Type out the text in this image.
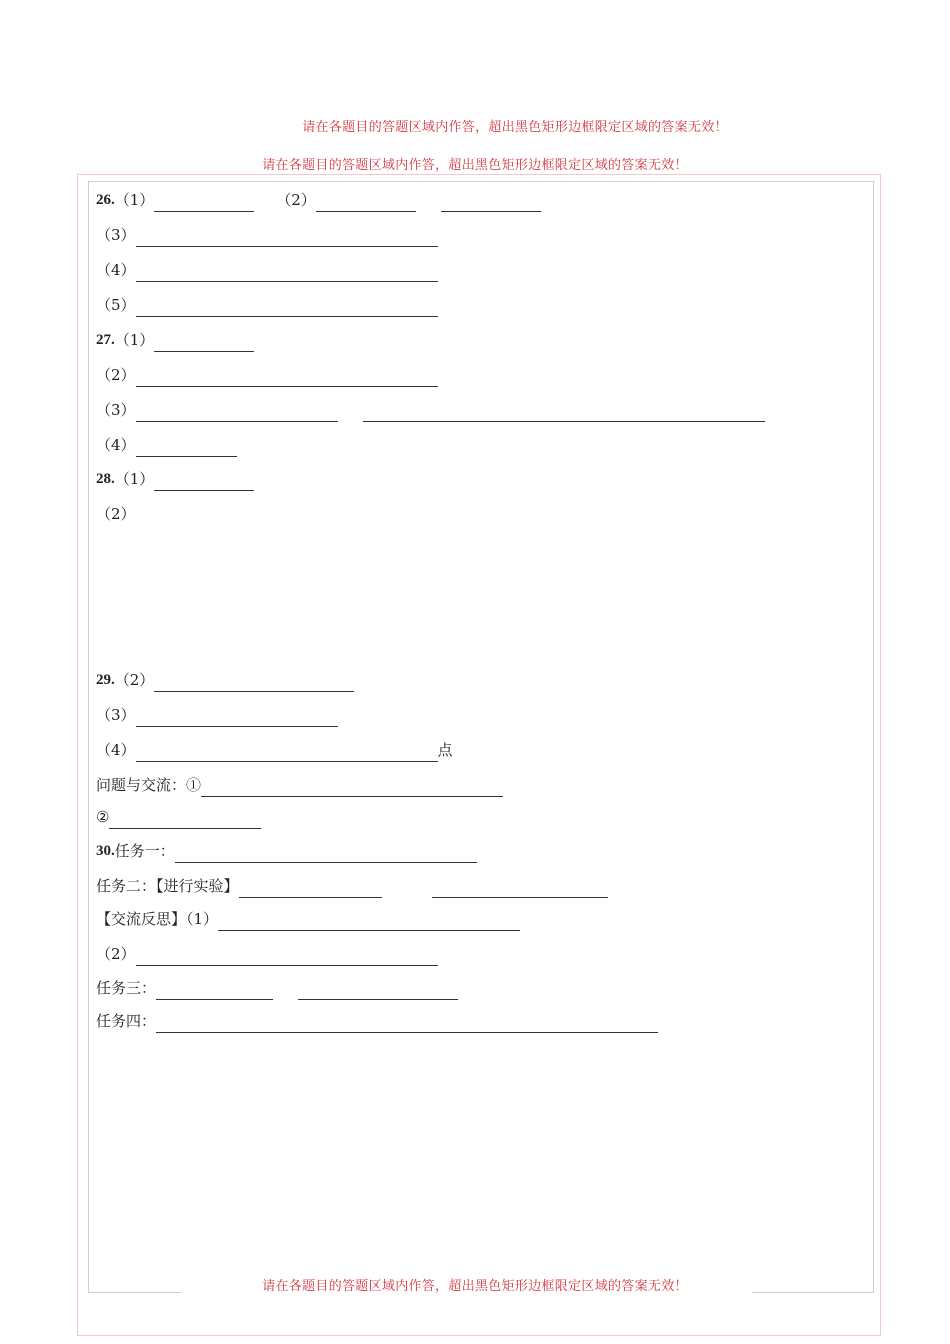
请在各题目的答题区域内作答，超出黑色矩形边框限定区域的答案无效！
请在各题目的答题区域内作答，超出黑色矩形边框限定区域的答案无效！
26.（1）	（2）
（3）
（4）
（5）
27.（1）
（2）
（3）
（4）
28.（1）
（2）
29.（2）
（3）
（4）	点
问题与交流：①
②
30.任务一：
任务二：【进行实验】
【交流反思】（1）
（2）
任务三：
任务四：
请在各题目的答题区域内作答，超出黑色矩形边框限定区域的答案无效！
